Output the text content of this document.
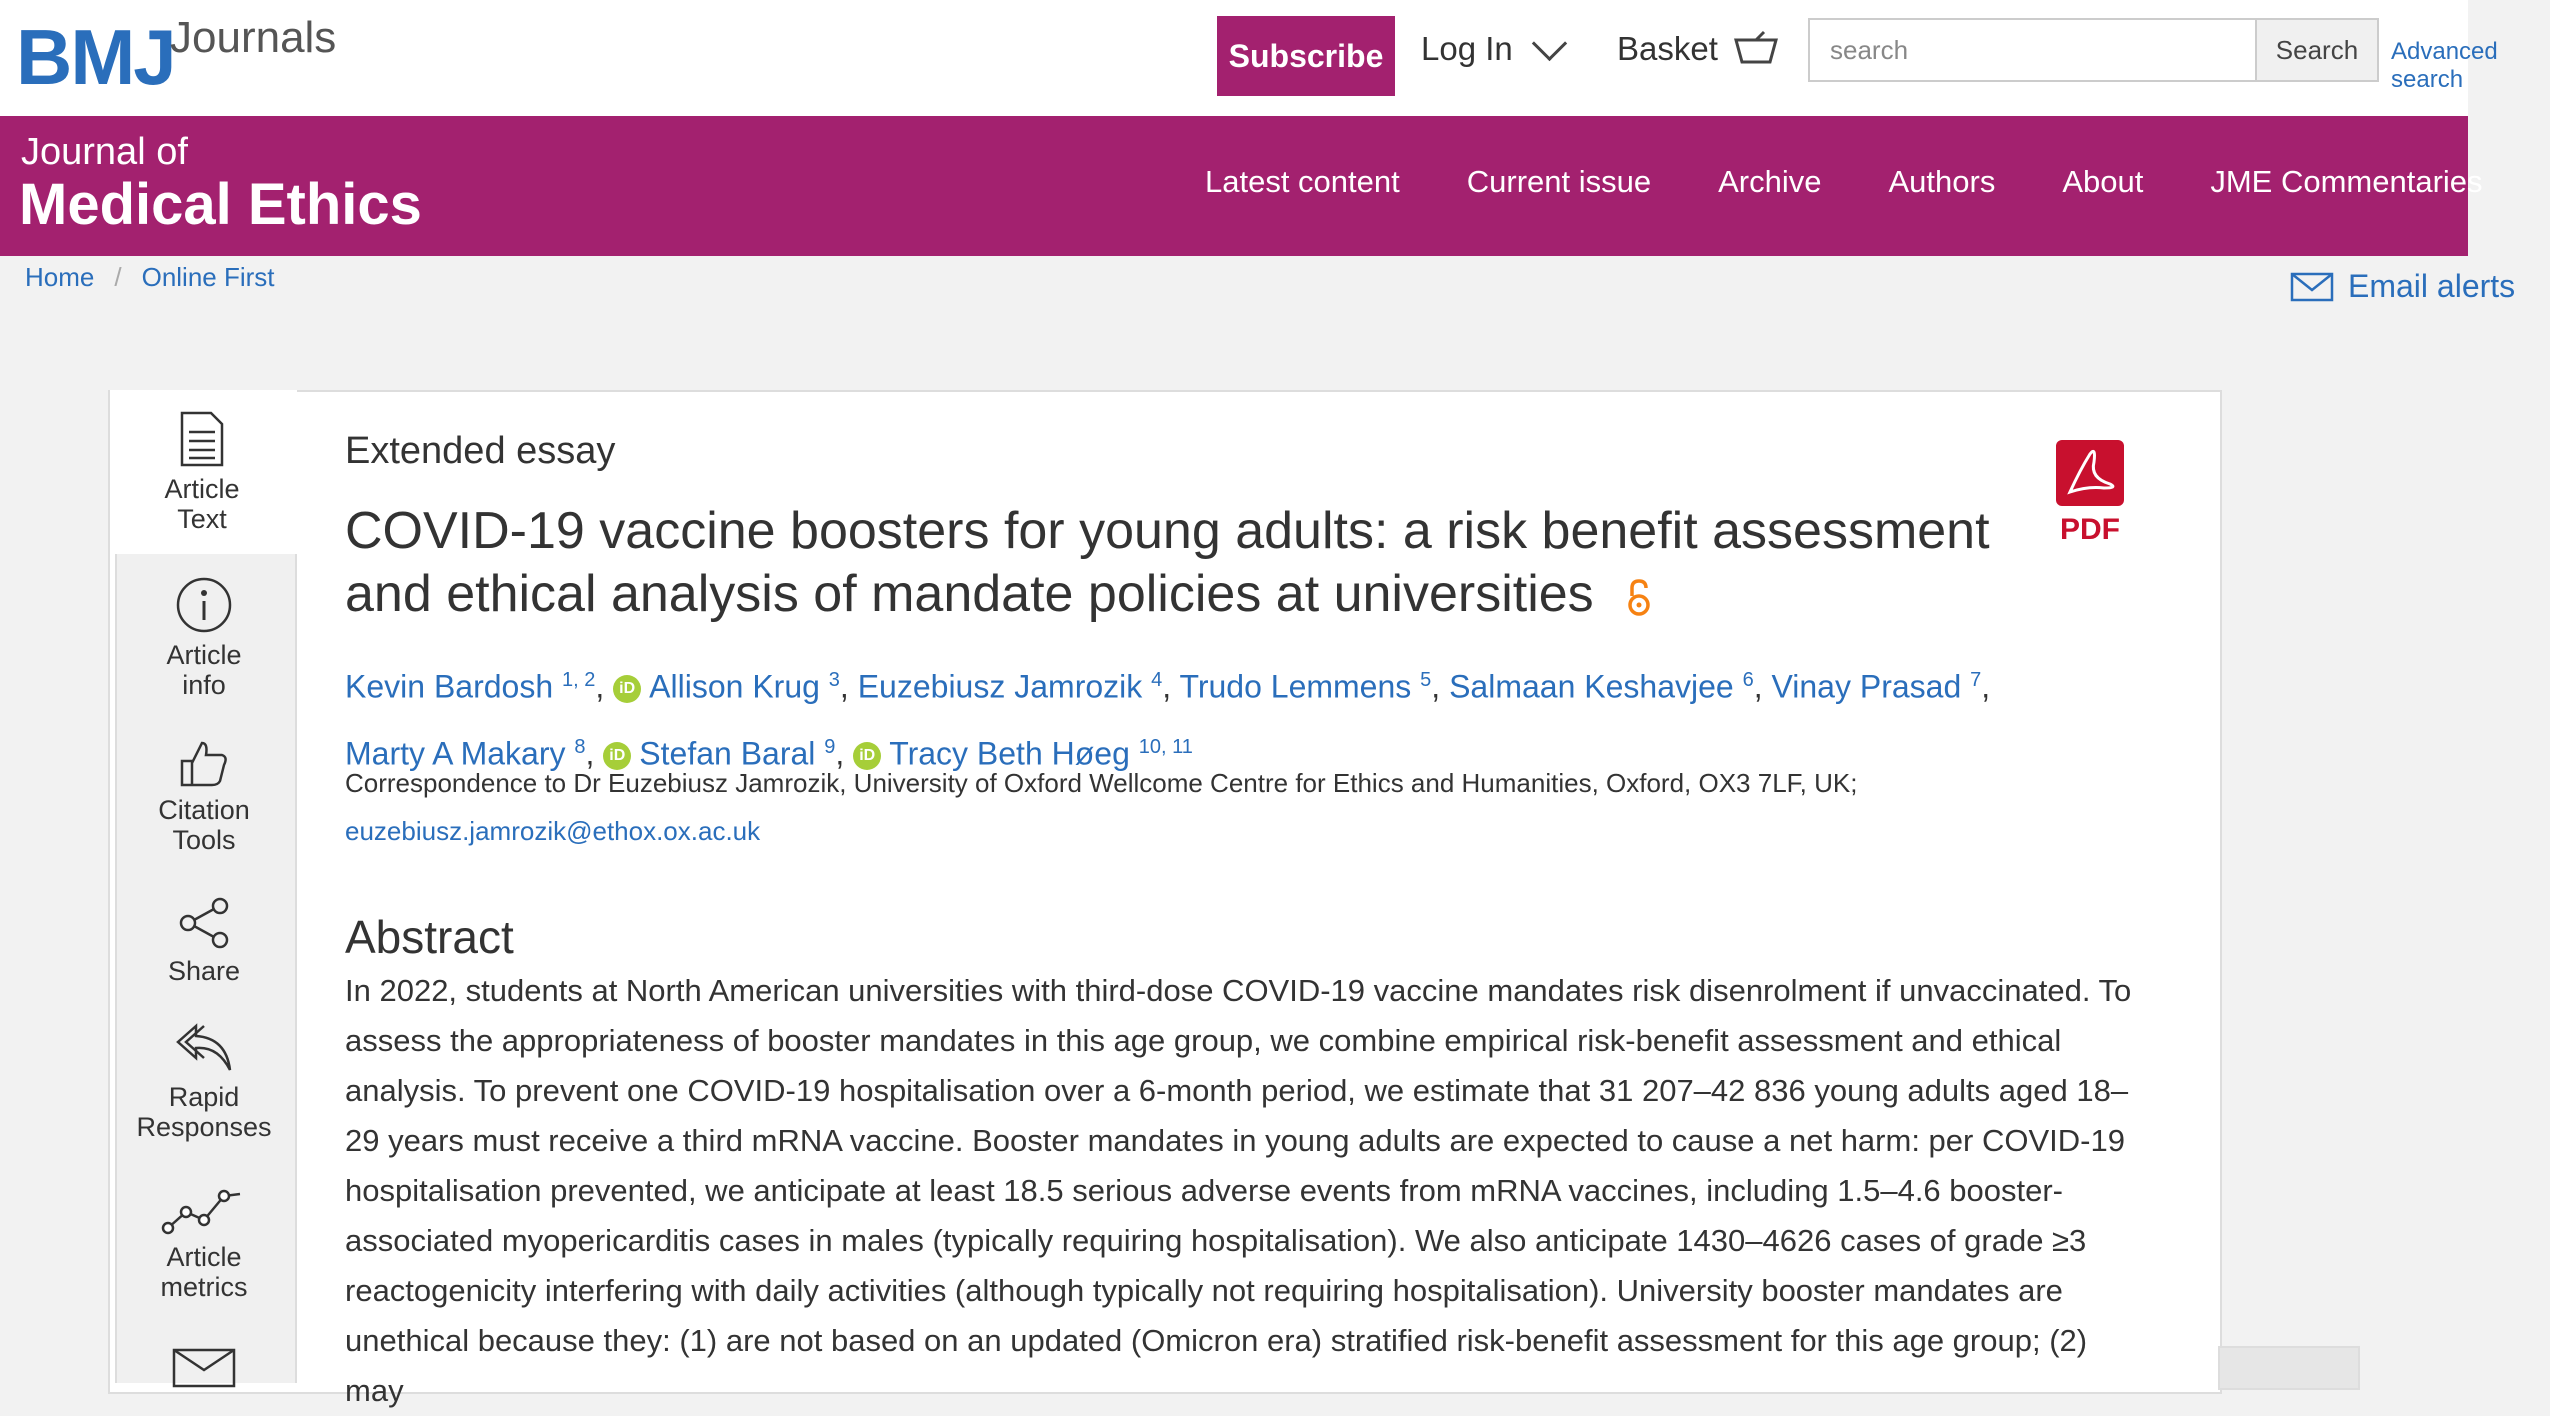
BMJ
Journals	Subscribe	Log In	Basket
search	Search	Advanced search
Journal of
Medical Ethics	Latest content Current issue Archive Authors About JME Commentaries
Home / Online First	Email alerts
Article Text
Article info
Citation Tools
Share
Rapid Responses
Article metrics
Extended essay
COVID-19 vaccine boosters for young adults: a risk benefit assessment and ethical analysis of mandate policies at universities
Kevin Bardosh $^{1, 2}$, iD Allison Krug $^3$, Euzebiusz Jamrozik $^4$, Trudo Lemmens $^5$, Salmaan Keshavjee $^6$, Vinay Prasad $^7$, Marty A Makary $^8$, iD Stefan Baral $^9$, iD Tracy Beth Høeg $^{10, 11}$
Correspondence to Dr Euzebiusz Jamrozik, University of Oxford Wellcome Centre for Ethics and Humanities, Oxford, OX3 7LF, UK;
euzebiusz.jamrozik@ethox.ox.ac.uk
Abstract

In 2022, students at North American universities with third-dose COVID-19 vaccine mandates risk disenrolment if unvaccinated. To assess the appropriateness of booster mandates in this age group, we combine empirical risk-benefit assessment and ethical analysis. To prevent one COVID-19 hospitalisation over a 6-month period, we estimate that 31 207–42 836 young adults aged 18–29 years must receive a third mRNA vaccine. Booster mandates in young adults are expected to cause a net harm: per COVID-19 hospitalisation prevented, we anticipate at least 18.5 serious adverse events from mRNA vaccines, including 1.5–4.6 booster-associated myopericarditis cases in males (typically requiring hospitalisation). We also anticipate 1430–4626 cases of grade ≥3 reactogenicity interfering with daily activities (although typically not requiring hospitalisation). University booster mandates are unethical because they: (1) are not based on an updated (Omicron era) stratified risk-benefit assessment for this age group; (2) may

PDF
